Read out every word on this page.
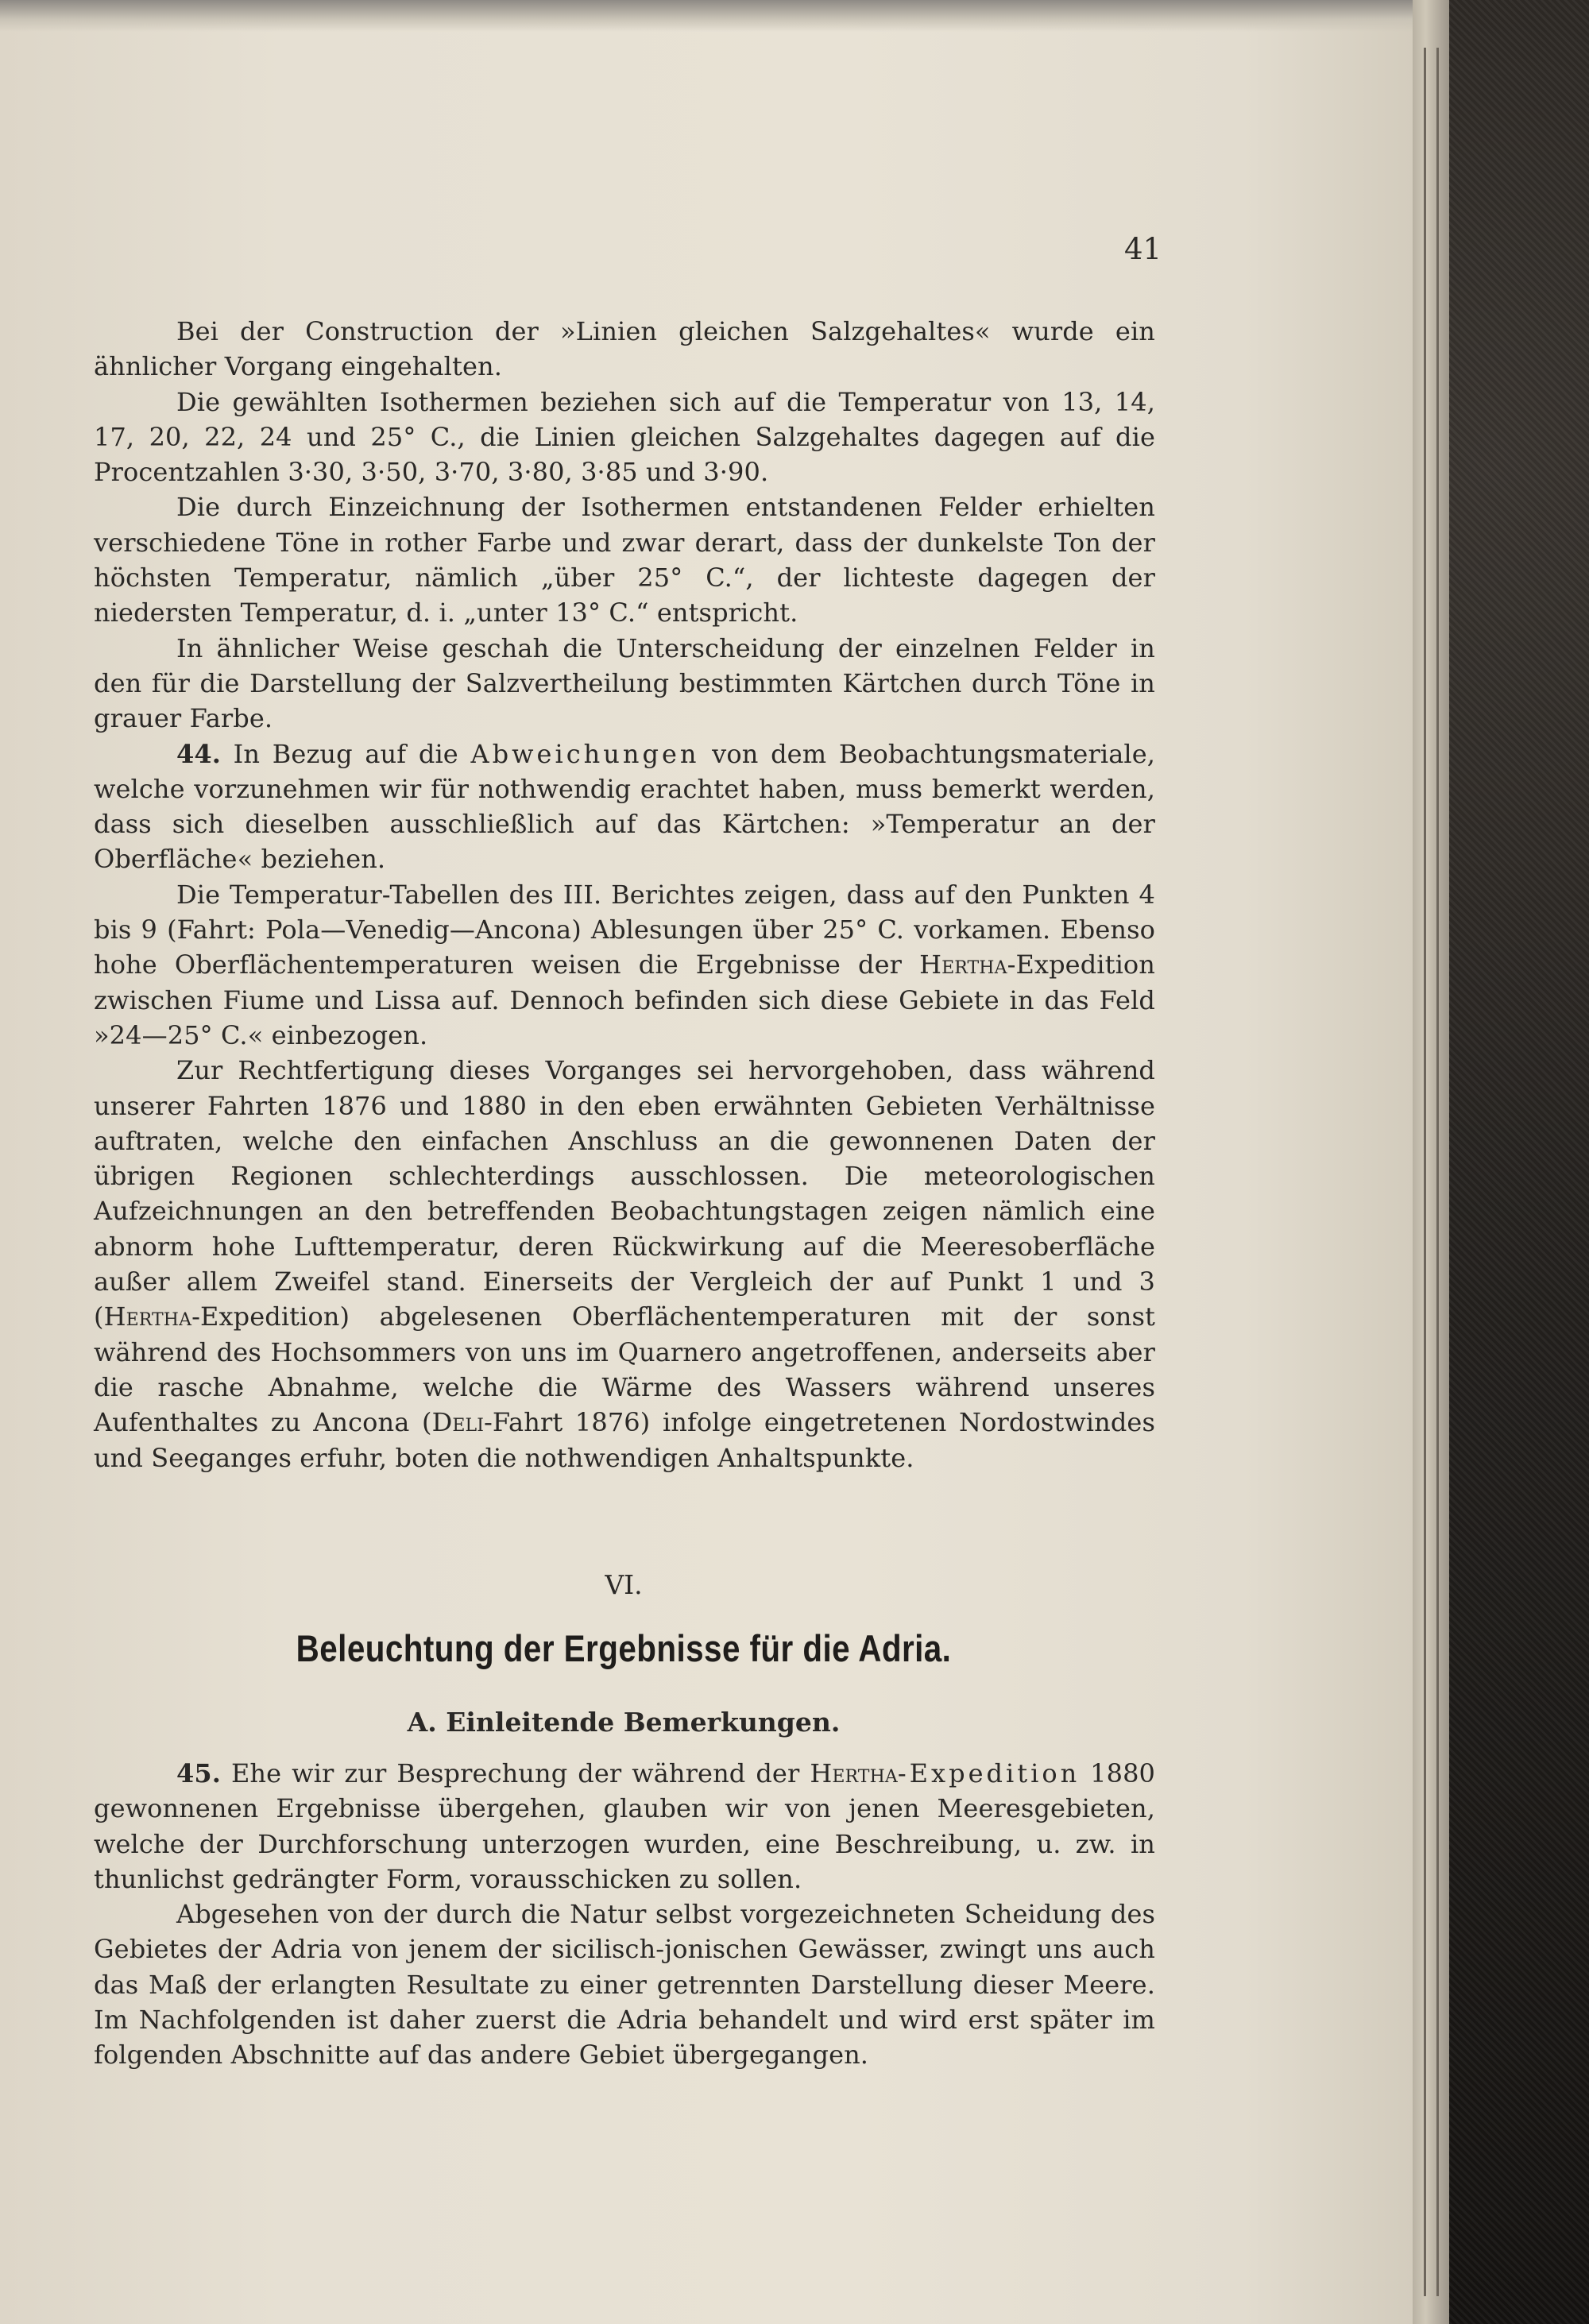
41

Bei der Construction der »Linien gleichen Salzgehaltes« wurde ein ähnlicher Vorgang eingehalten.

Die gewählten Isothermen beziehen sich auf die Temperatur von 13, 14, 17, 20, 22, 24 und 25° C., die Linien gleichen Salzgehaltes dagegen auf die Procentzahlen 3·30, 3·50, 3·70, 3·80, 3·85 und 3·90.

Die durch Einzeichnung der Isothermen entstandenen Felder erhielten verschiedene Töne in rother Farbe und zwar derart, dass der dunkelste Ton der höchsten Temperatur, nämlich „über 25° C.“, der lichteste dagegen der niedersten Temperatur, d. i. „unter 13° C.“ entspricht.

In ähnlicher Weise geschah die Unterscheidung der einzelnen Felder in den für die Darstellung der Salzvertheilung bestimmten Kärtchen durch Töne in grauer Farbe.

44. In Bezug auf die Abweichungen von dem Beobachtungsmateriale, welche vorzunehmen wir für nothwendig erachtet haben, muss bemerkt werden, dass sich dieselben ausschließlich auf das Kärtchen: »Temperatur an der Oberfläche« beziehen.

Die Temperatur-Tabellen des III. Berichtes zeigen, dass auf den Punkten 4 bis 9 (Fahrt: Pola—Venedig—Ancona) Ablesungen über 25° C. vorkamen. Ebenso hohe Oberflächentemperaturen weisen die Ergebnisse der Hertha-Expedition zwischen Fiume und Lissa auf. Dennoch befinden sich diese Gebiete in das Feld »24—25° C.« einbezogen.

Zur Rechtfertigung dieses Vorganges sei hervorgehoben, dass während unserer Fahrten 1876 und 1880 in den eben erwähnten Gebieten Verhältnisse auftraten, welche den einfachen Anschluss an die gewonnenen Daten der übrigen Regionen schlechterdings ausschlossen. Die meteorologischen Aufzeichnungen an den betreffenden Beobachtungstagen zeigen nämlich eine abnorm hohe Lufttemperatur, deren Rückwirkung auf die Meeresoberfläche außer allem Zweifel stand. Einerseits der Vergleich der auf Punkt 1 und 3 (Hertha-Expedition) abgelesenen Oberflächentemperaturen mit der sonst während des Hochsommers von uns im Quarnero angetroffenen, anderseits aber die rasche Abnahme, welche die Wärme des Wassers während unseres Aufenthaltes zu Ancona (Deli-Fahrt 1876) infolge eingetretenen Nordostwindes und Seeganges erfuhr, boten die nothwendigen Anhaltspunkte.

VI.
Beleuchtung der Ergebnisse für die Adria.
A. Einleitende Bemerkungen.

45. Ehe wir zur Besprechung der während der Hertha-Expedition 1880 gewonnenen Ergebnisse übergehen, glauben wir von jenen Meeresgebieten, welche der Durchforschung unterzogen wurden, eine Beschreibung, u. zw. in thunlichst gedrängter Form, vorausschicken zu sollen.

Abgesehen von der durch die Natur selbst vorgezeichneten Scheidung des Gebietes der Adria von jenem der sicilisch-jonischen Gewässer, zwingt uns auch das Maß der erlangten Resultate zu einer getrennten Darstellung dieser Meere. Im Nachfolgenden ist daher zuerst die Adria behandelt und wird erst später im folgenden Abschnitte auf das andere Gebiet übergegangen.
